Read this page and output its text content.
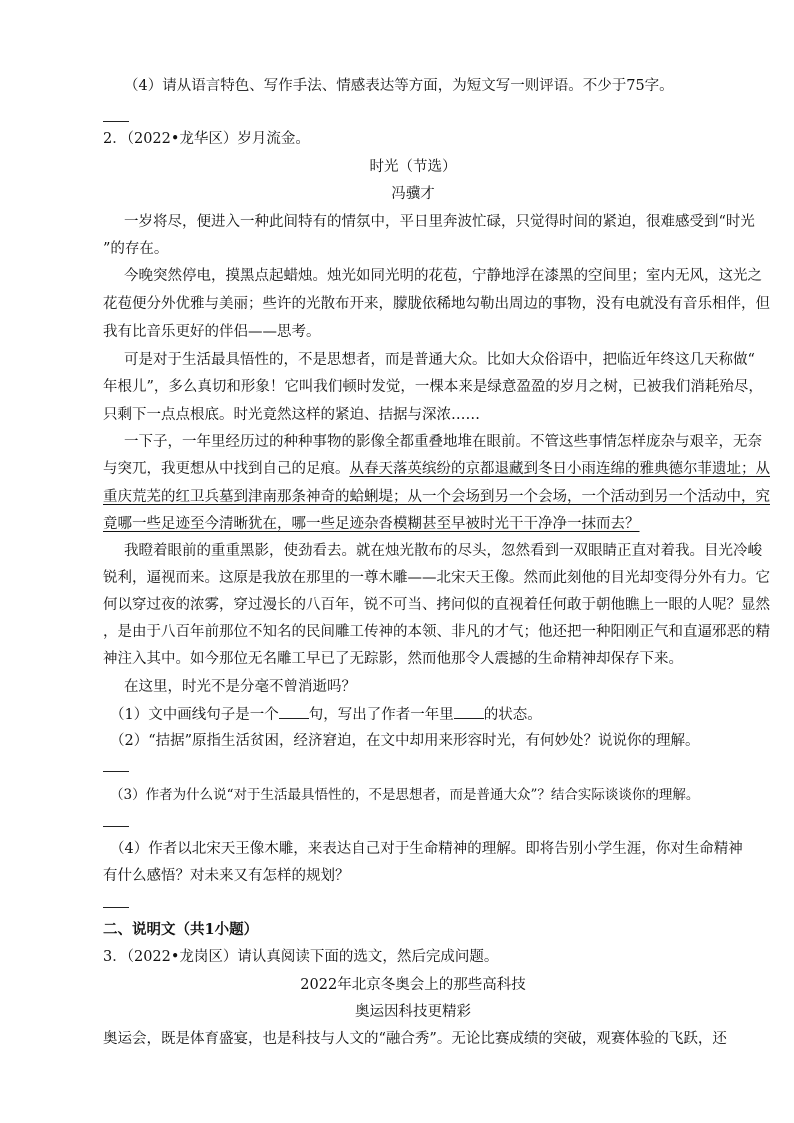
（4）请从语言特色、写作手法、情感表达等方面，为短文写一则评语。不少于75字。
2．（2022•龙华区）岁月流金。
时光（节选）
冯骥才
一岁将尽，便进入一种此间特有的情氛中，平日里奔波忙碌，只觉得时间的紧迫，很难感受到“时光
”的存在。
今晚突然停电，摸黑点起蜡烛。烛光如同光明的花苞，宁静地浮在漆黑的空间里；室内无风，这光之
花苞便分外优雅与美丽；些许的光散布开来，朦胧依稀地勾勒出周边的事物，没有电就没有音乐相伴，但
我有比音乐更好的伴侣——思考。
可是对于生活最具悟性的，不是思想者，而是普通大众。比如大众俗语中，把临近年终这几天称做“
年根儿”，多么真切和形象！它叫我们顿时发觉，一棵本来是绿意盈盈的岁月之树，已被我们消耗殆尽，
只剩下一点点根底。时光竟然这样的紧迫、拮据与深浓……
一下子，一年里经历过的种种事物的影像全都重叠地堆在眼前。不管这些事情怎样庞杂与艰辛，无奈
与突兀，我更想从中找到自己的足痕。从春天落英缤纷的京都退藏到冬日小雨连绵的雅典德尔菲遗址；从
重庆荒芜的红卫兵墓到津南那条神奇的蛤蜊堤；从一个会场到另一个会场，一个活动到另一个活动中，究
竟哪一些足迹至今清晰犹在，哪一些足迹杂沓模糊甚至早被时光干干净净一抹而去？
我瞪着眼前的重重黑影，使劲看去。就在烛光散布的尽头，忽然看到一双眼睛正直对着我。目光冷峻
锐利，逼视而来。这原是我放在那里的一尊木雕——北宋天王像。然而此刻他的目光却变得分外有力。它
何以穿过夜的浓雾，穿过漫长的八百年，锐不可当、拷问似的直视着任何敢于朝他瞧上一眼的人呢？显然
，是由于八百年前那位不知名的民间雕工传神的本领、非凡的才气；他还把一种阳刚正气和直逼邪恶的精
神注入其中。如今那位无名雕工早已了无踪影，然而他那令人震撼的生命精神却保存下来。
在这里，时光不是分毫不曾消逝吗？
（1）文中画线句子是一个 句，写出了作者一年里 的状态。
（2）“拮据”原指生活贫困，经济窘迫，在文中却用来形容时光，有何妙处？说说你的理解。
（3）作者为什么说“对于生活最具悟性的，不是思想者，而是普通大众”？结合实际谈谈你的理解。
（4）作者以北宋天王像木雕，来表达自己对于生命精神的理解。即将告别小学生涯，你对生命精神
有什么感悟？对未来又有怎样的规划？
二、说明文（共1小题）
3．（2022•龙岗区）请认真阅读下面的选文，然后完成问题。
2022年北京冬奥会上的那些高科技
奥运因科技更精彩
奥运会，既是体育盛宴，也是科技与人文的“融合秀”。无论比赛成绩的突破，观赛体验的飞跃，还
